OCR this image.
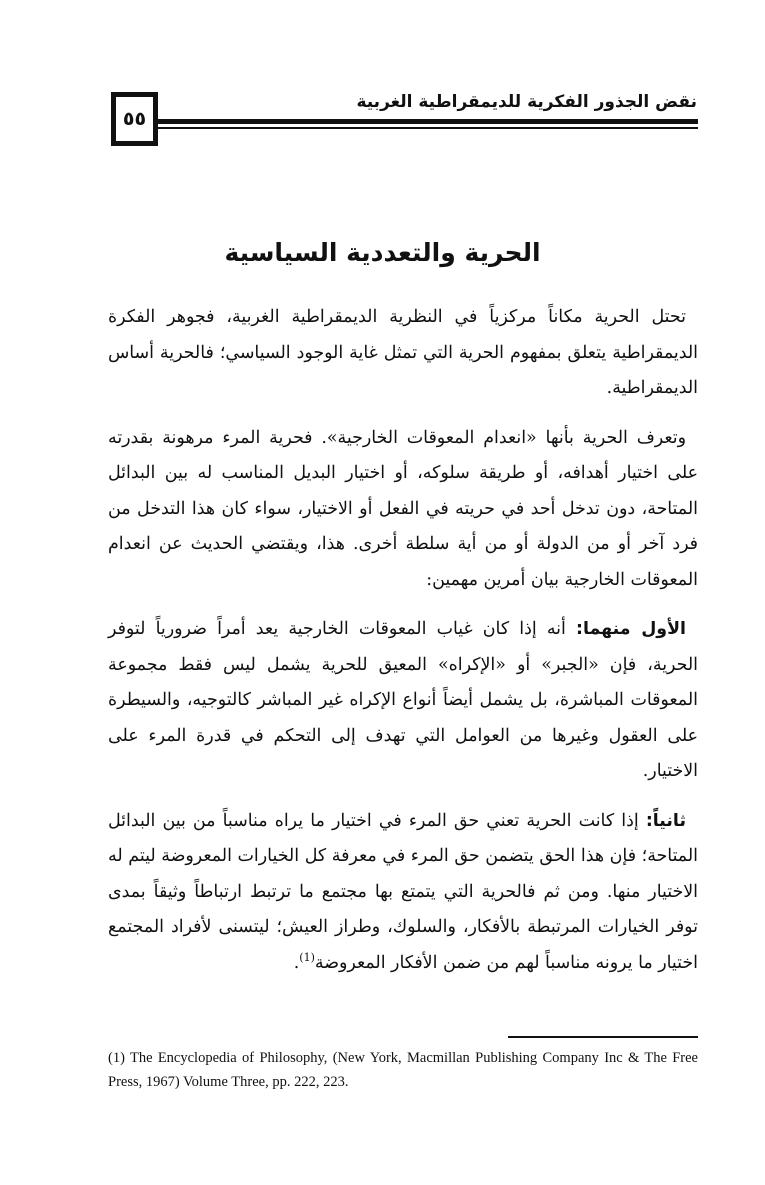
٥٥
نقض الجذور الفكرية للديمقراطية الغربية
الحرية والتعددية السياسية

تحتل الحرية مكاناً مركزياً في النظرية الديمقراطية الغربية، فجوهر الفكرة الديمقراطية يتعلق بمفهوم الحرية التي تمثل غاية الوجود السياسي؛ فالحرية أساس الديمقراطية.

وتعرف الحرية بأنها «انعدام المعوقات الخارجية». فحرية المرء مرهونة بقدرته على اختيار أهدافه، أو طريقة سلوكه، أو اختيار البديل المناسب له بين البدائل المتاحة، دون تدخل أحد في حريته في الفعل أو الاختيار، سواء كان هذا التدخل من فرد آخر أو من الدولة أو من أية سلطة أخرى. هذا، ويقتضي الحديث عن انعدام المعوقات الخارجية بيان أمرين مهمين:

الأول منهما: أنه إذا كان غياب المعوقات الخارجية يعد أمراً ضرورياً لتوفر الحرية، فإن «الجبر» أو «الإكراه» المعيق للحرية يشمل ليس فقط مجموعة المعوقات المباشرة، بل يشمل أيضاً أنواع الإكراه غير المباشر كالتوجيه، والسيطرة على العقول وغيرها من العوامل التي تهدف إلى التحكم في قدرة المرء على الاختيار.

ثانياً: إذا كانت الحرية تعني حق المرء في اختيار ما يراه مناسباً من بين البدائل المتاحة؛ فإن هذا الحق يتضمن حق المرء في معرفة كل الخيارات المعروضة ليتم له الاختيار منها. ومن ثم فالحرية التي يتمتع بها مجتمع ما ترتبط ارتباطاً وثيقاً بمدى توفر الخيارات المرتبطة بالأفكار، والسلوك، وطراز العيش؛ ليتسنى لأفراد المجتمع اختيار ما يرونه مناسباً لهم من ضمن الأفكار المعروضة$^{(1)}$.

(1) The Encyclopedia of Philosophy, (New York, Macmillan Publishing Company Inc & The Free Press, 1967) Volume Three, pp. 222, 223.
